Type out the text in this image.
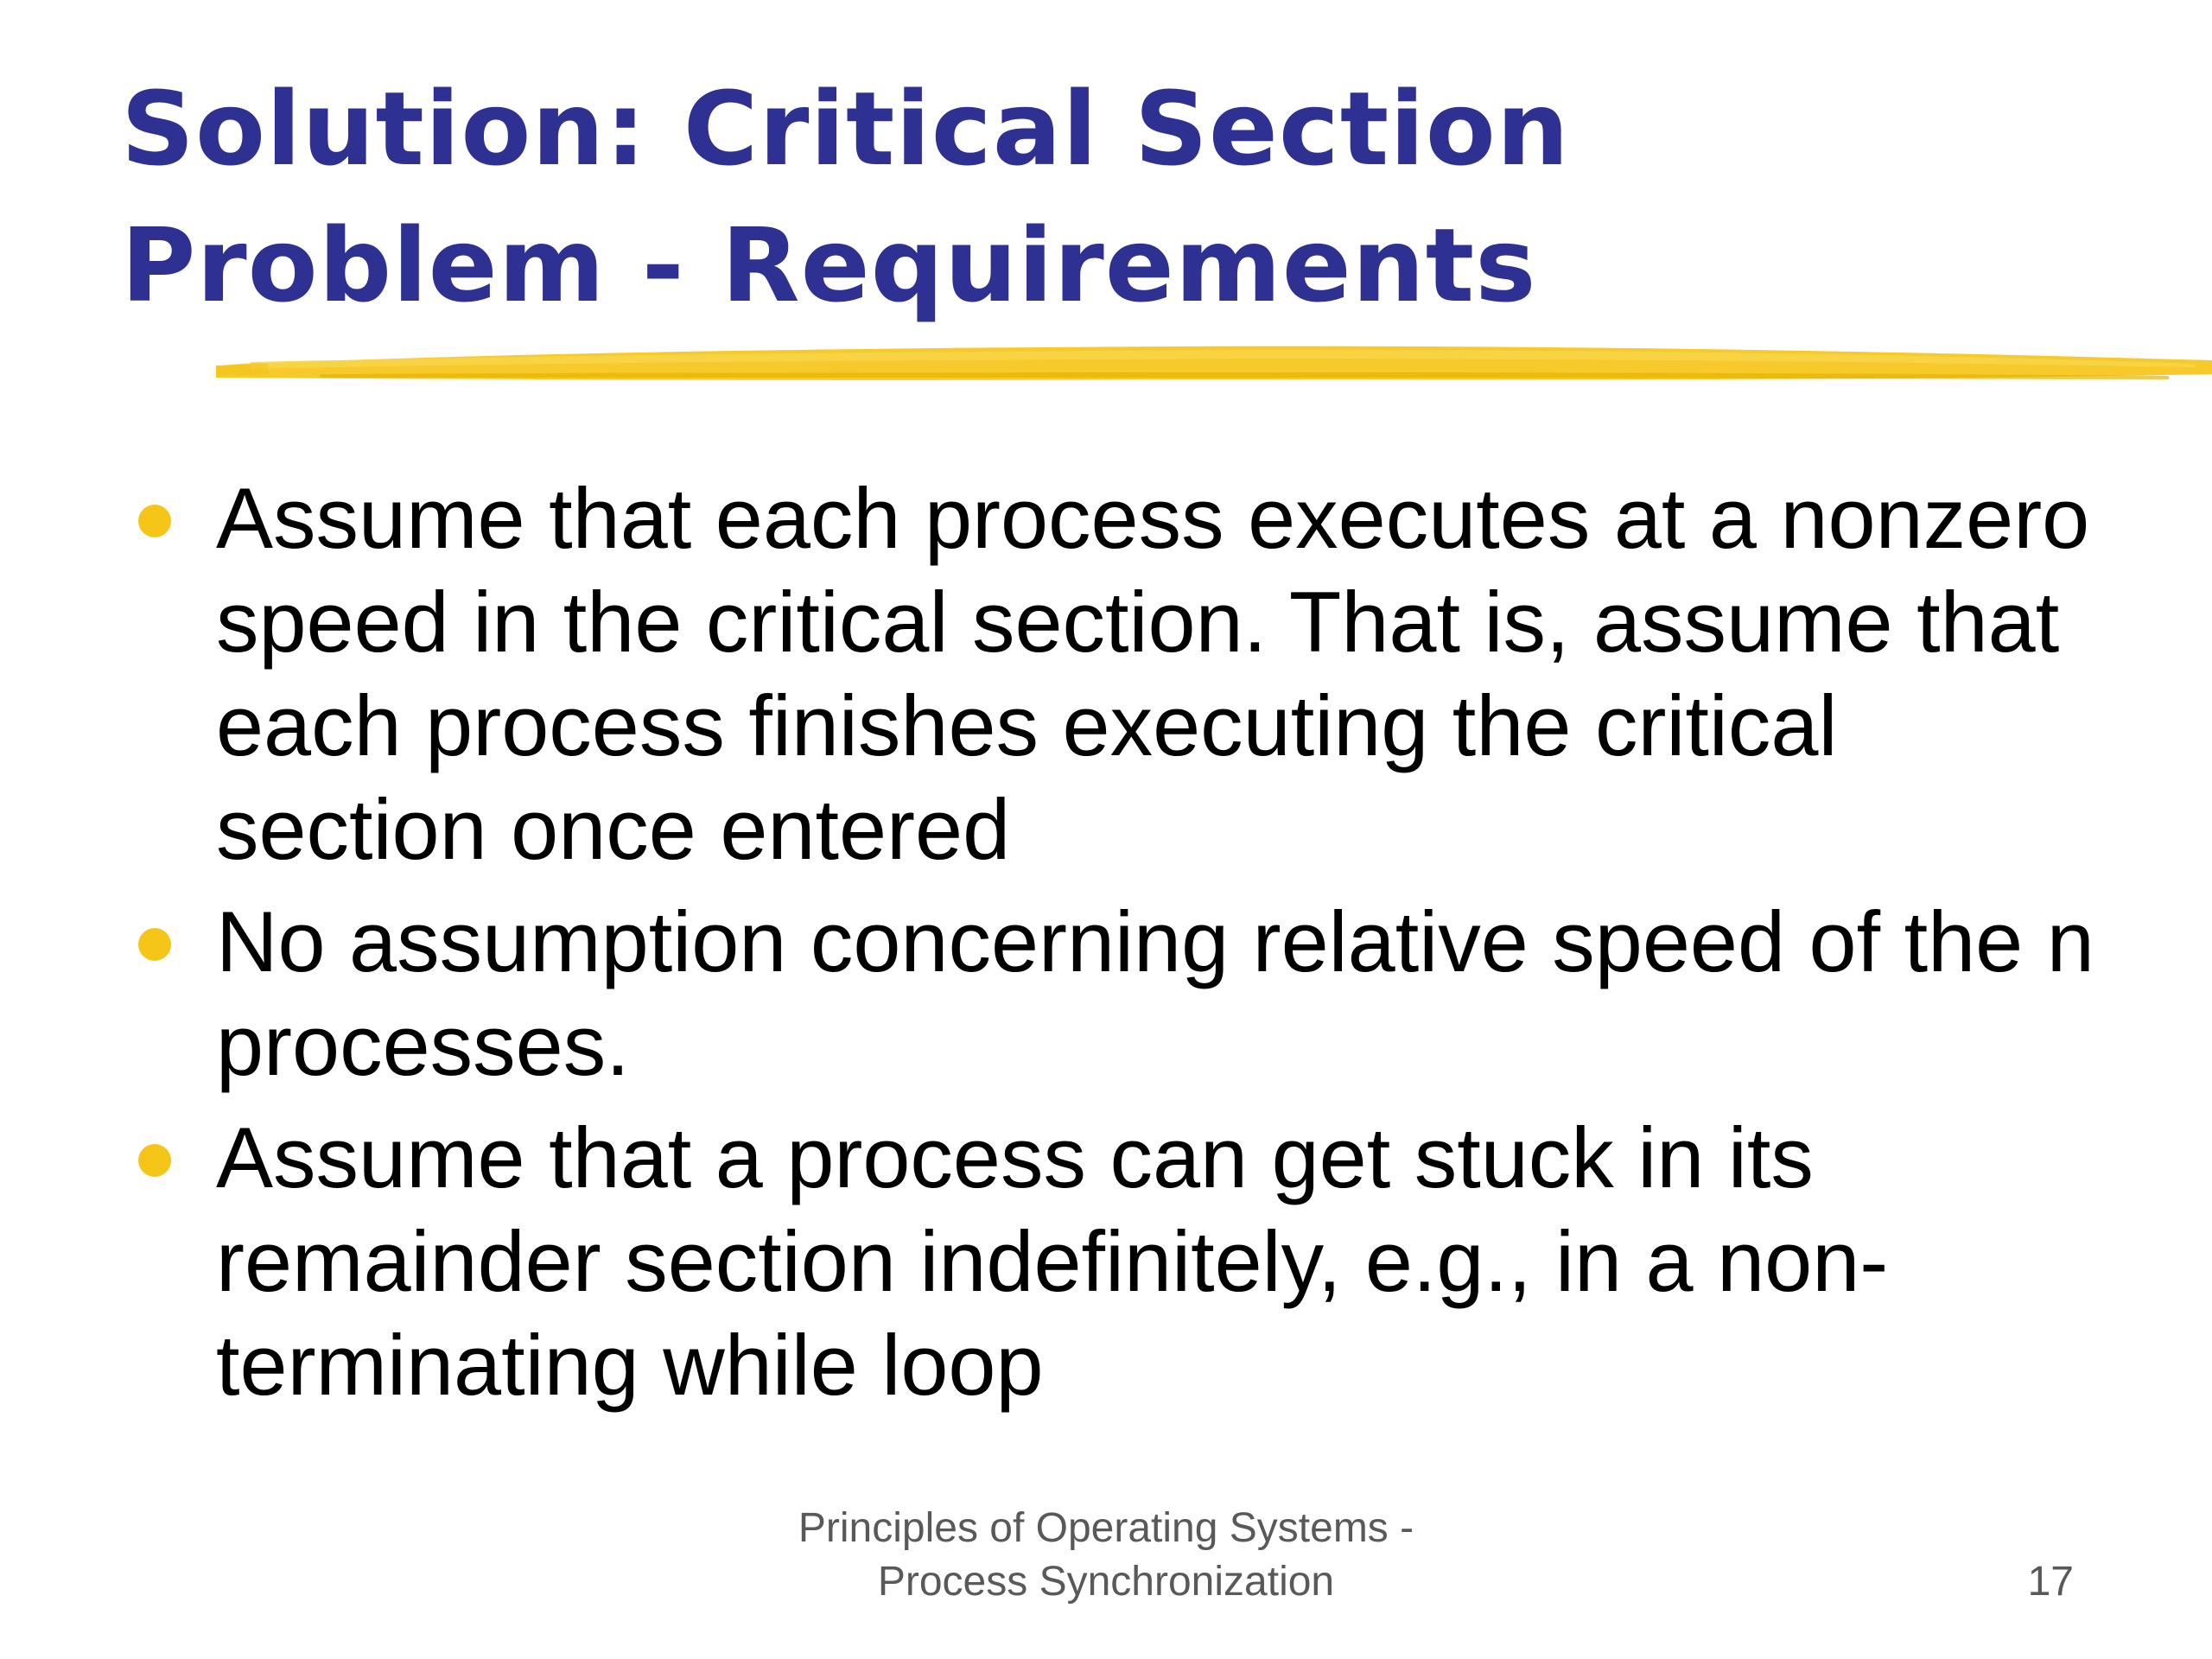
Solution: Critical Section
Problem - Requirements
Assume that each process executes at a nonzero speed in the critical section. That is, assume that each process finishes executing the critical section once entered
No assumption concerning relative speed of the n processes.
Assume that a process can get stuck in its remainder section indefinitely, e.g., in a non-terminating while loop
Principles of Operating Systems -
Process Synchronization	17
